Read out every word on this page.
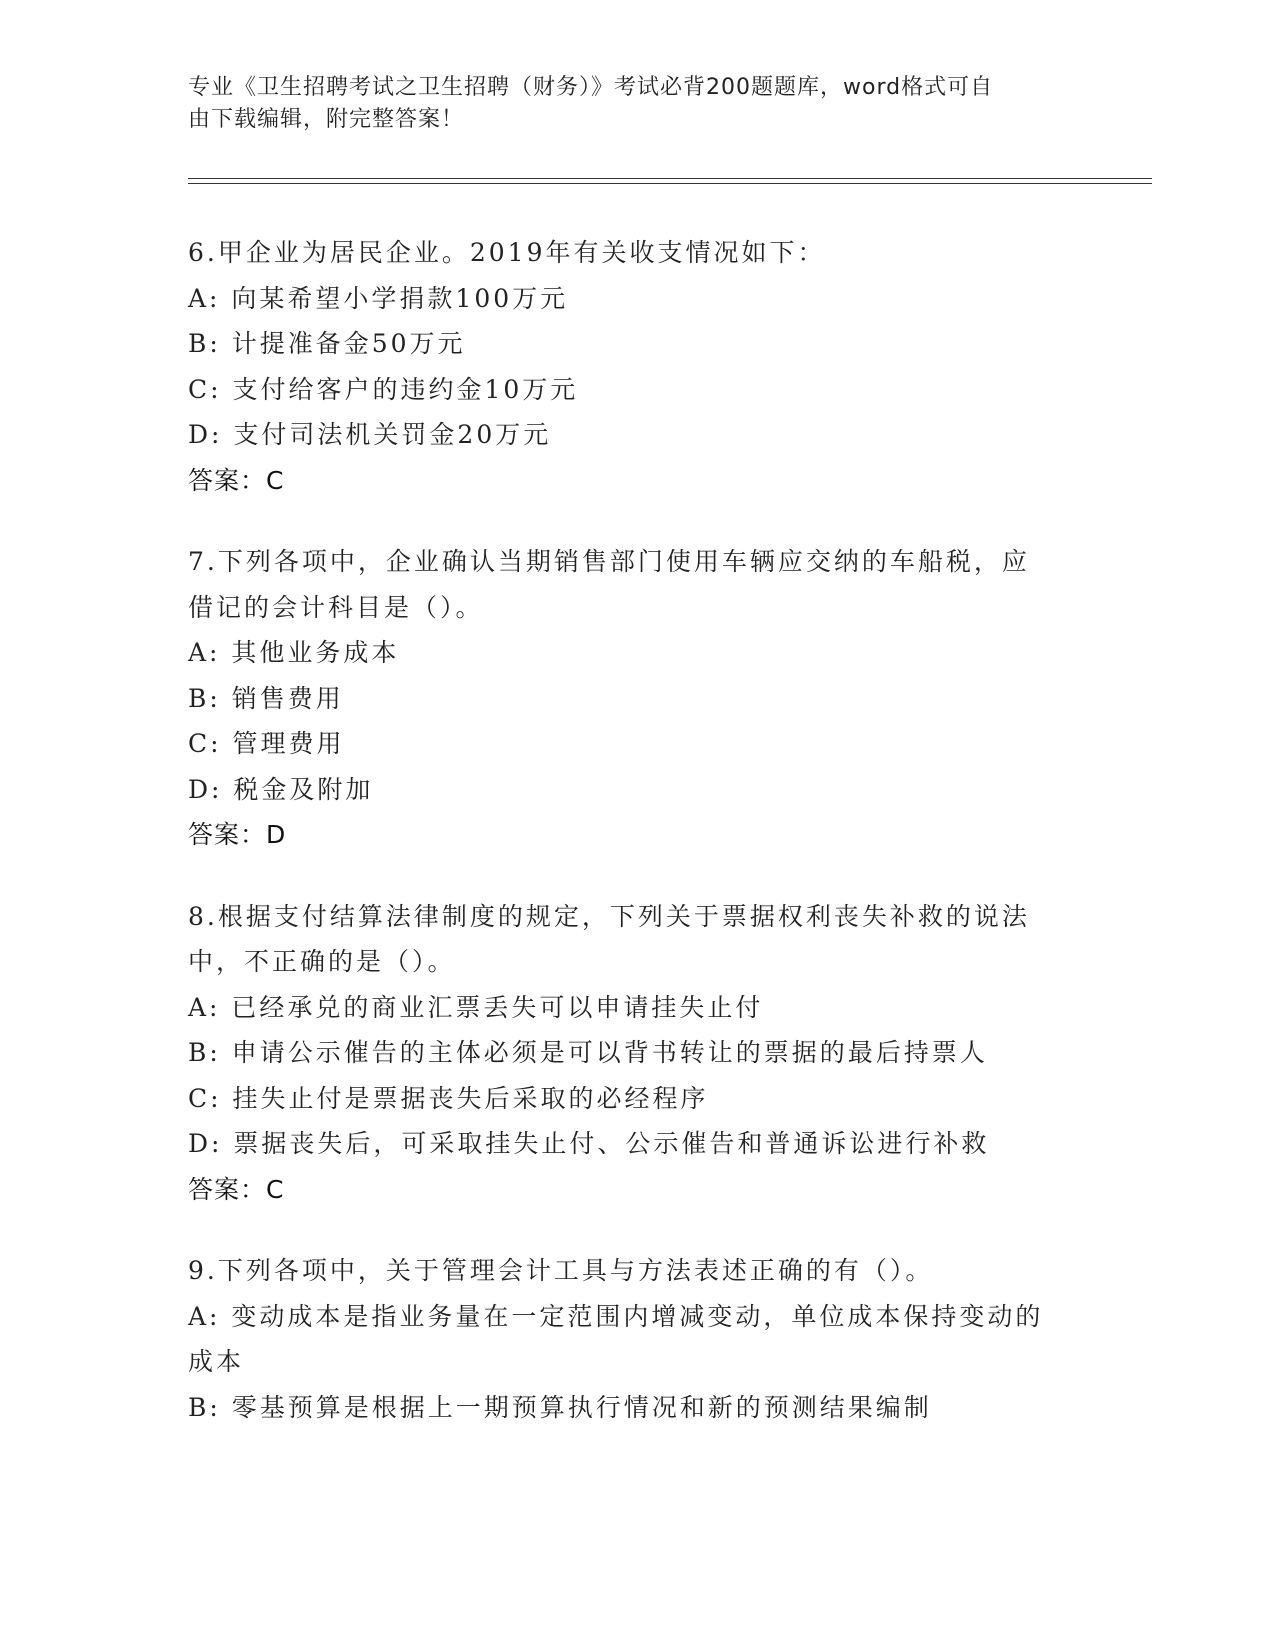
专业《卫生招聘考试之卫生招聘（财务）》考试必背200题题库，word格式可自
由下载编辑，附完整答案！
6.甲企业为居民企业。2019年有关收支情况如下：
A: 向某希望小学捐款100万元
B: 计提准备金50万元
C: 支付给客户的违约金10万元
D: 支付司法机关罚金20万元
答案：C
7.下列各项中，企业确认当期销售部门使用车辆应交纳的车船税，应
借记的会计科目是（）。
A: 其他业务成本
B: 销售费用
C: 管理费用
D: 税金及附加
答案：D
8.根据支付结算法律制度的规定，下列关于票据权利丧失补救的说法
中，不正确的是（）。
A: 已经承兑的商业汇票丢失可以申请挂失止付
B: 申请公示催告的主体必须是可以背书转让的票据的最后持票人
C: 挂失止付是票据丧失后采取的必经程序
D: 票据丧失后，可采取挂失止付、公示催告和普通诉讼进行补救
答案：C
9.下列各项中，关于管理会计工具与方法表述正确的有（）。
A: 变动成本是指业务量在一定范围内增减变动，单位成本保持变动的
成本
B: 零基预算是根据上一期预算执行情况和新的预测结果编制
